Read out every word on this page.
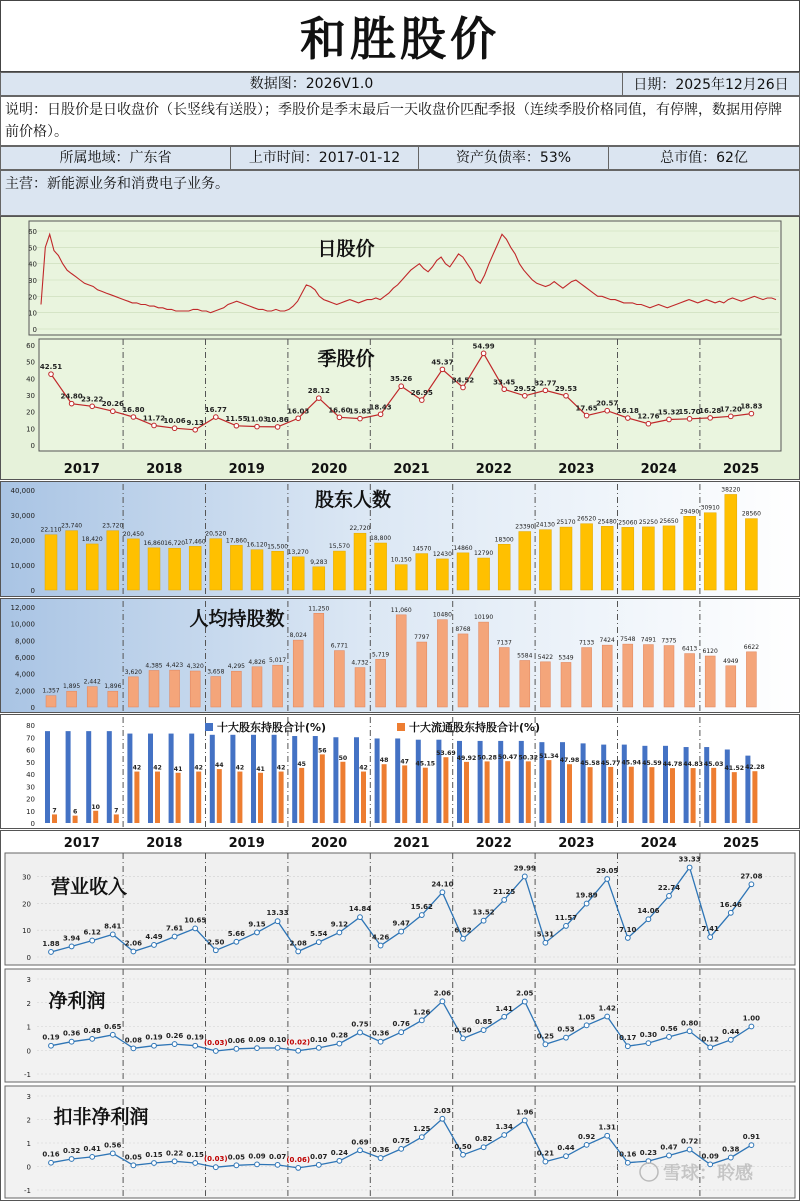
和胜股价
数据图：2026V1.0	日期：2025年12月26日
说明：日股价是日收盘价（长竖线有送股）；季股价是季末最后一天收盘价匹配季报（连续季股价格同值，有停牌，数据用停牌前价格）。
所属地域：广东省	上市时间：2017-01-12	资产负债率：53%	总市值：62亿
主营：新能源业务和消费电子业务。
0
10
20
30
40
50
60
日股价
0
10
20
30
40
50
60
42.51
24.80
23.22
20.26
16.80
11.72
10.06 9.13
16.77
11.55
11.03
10.86
16.03
28.12
16.60
15.83
18.43
35.26
26.95
45.37
34.52
54.99
33.45
29.52
32.77
29.53
17.65
20.57
16.18
12.76
15.32
15.70
16.28
17.20
18.83
季股价
2017	2018	2019	2020	2021	2022	2023	2024	2025
0
10,000
20,000
30,000
40,000
22,110
23,740
18,420
23,720
20,450
16,860 16,720 17,460
20,520
17,860
16,120 15,500
13,270
9,283
15,570
22,720
18,800
10,150
14570
12430
14860
12790
18300
23390 24130 25170 26520 25480 25060 25250 25650
29490
30910
38220
28560
股东人数
0
2,000
4,000
6,000
8,000
10,000
12,000
1,357
1,895
2,442
1,896
3,620
4,385 4,423 4,320
3,658
4,295
4,826 5,017
8,024
11,250
6,771
4,732
5,719
11,060
7797
10480
8768
10190
7137
5584 5422 5349
7133 7424 7548 7491 7375
6413 6120
4949
6622
人均持股数
0
10
20
30
40
50
60
70
80
7	6
10
7
42 42 41 42 44 42 41 42
45
56
50
42
48 47 45.15
53.69
49.92 50.28 50.47 50.32 51.34
47.98 45.58 45.77 45.94 45.59 44.78 44.83 45.03
41.52 42.28
十大股东持股合计(%)	十大流通股东持股合计(%)
2017	2018	2019	2020	2021	2022	2023	2024	2025
0
10
20
30
1.88
3.94
6.12
8.41
2.06
4.49
7.61
10.65
2.50
5.66
9.15
13.33
2.08
5.54
9.12
14.84
4.26
9.47
15.62
24.10
6.82
13.52
21.25
29.99
5.31
11.57
19.89
29.05
7.10
14.06
22.74
33.33
7.41
16.46
27.08
营业收入
-1
0
1
2
3
0.19
0.36 0.48
0.65
0.08 0.19 0.26 0.19
(0.03) 0.06 0.09 0.10 (0.02) 0.10
0.28
0.75
0.36
0.76
1.26
2.06
0.50
0.85
1.41
2.05
0.25
0.53
1.05
1.42
0.17 0.30
0.56
0.80
0.12
0.44
1.00
净利润
-1
0
1
2
3
0.16 0.32 0.41 0.56
0.05 0.15 0.22 0.15
(0.03) 0.05 0.09 0.07 (0.06) 0.07 0.24
0.69
0.36
0.75
1.25
2.03
0.50
0.82
1.34
1.96
0.21
0.44
0.92
1.31
0.16 0.23
0.47
0.72
0.09
0.38
0.91
扣非净利润
雪球：聆感
